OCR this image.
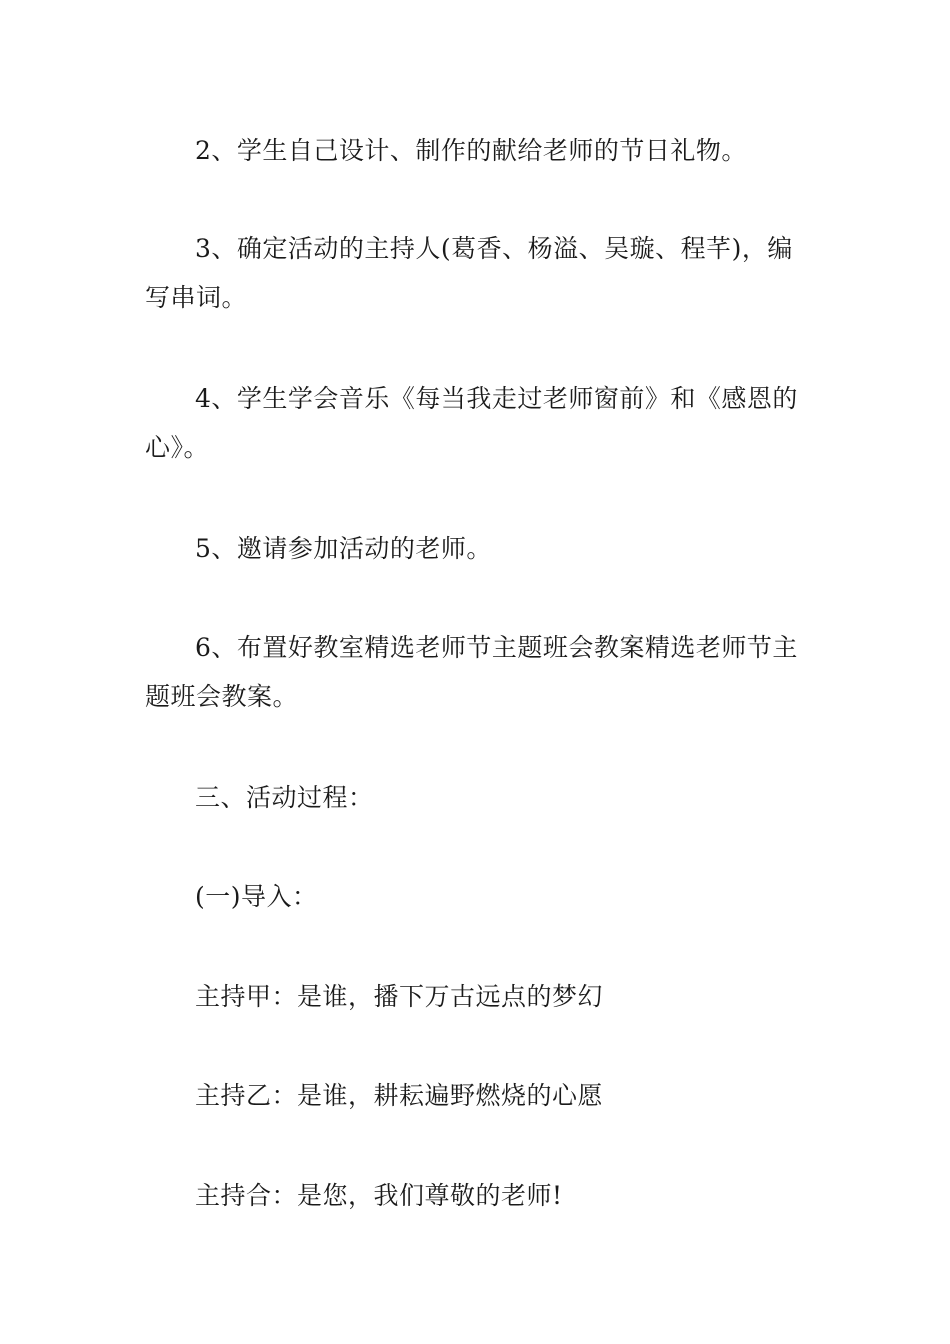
2、学生自己设计、制作的献给老师的节日礼物。

3、确定活动的主持人(葛香、杨溢、吴璇、程芊)，编写串词。

4、学生学会音乐《每当我走过老师窗前》和《感恩的心》。

5、邀请参加活动的老师。

6、布置好教室精选老师节主题班会教案精选老师节主题班会教案。

三、活动过程：

(一)导入：

主持甲：是谁，播下万古远点的梦幻

主持乙：是谁，耕耘遍野燃烧的心愿

主持合：是您，我们尊敬的老师!
